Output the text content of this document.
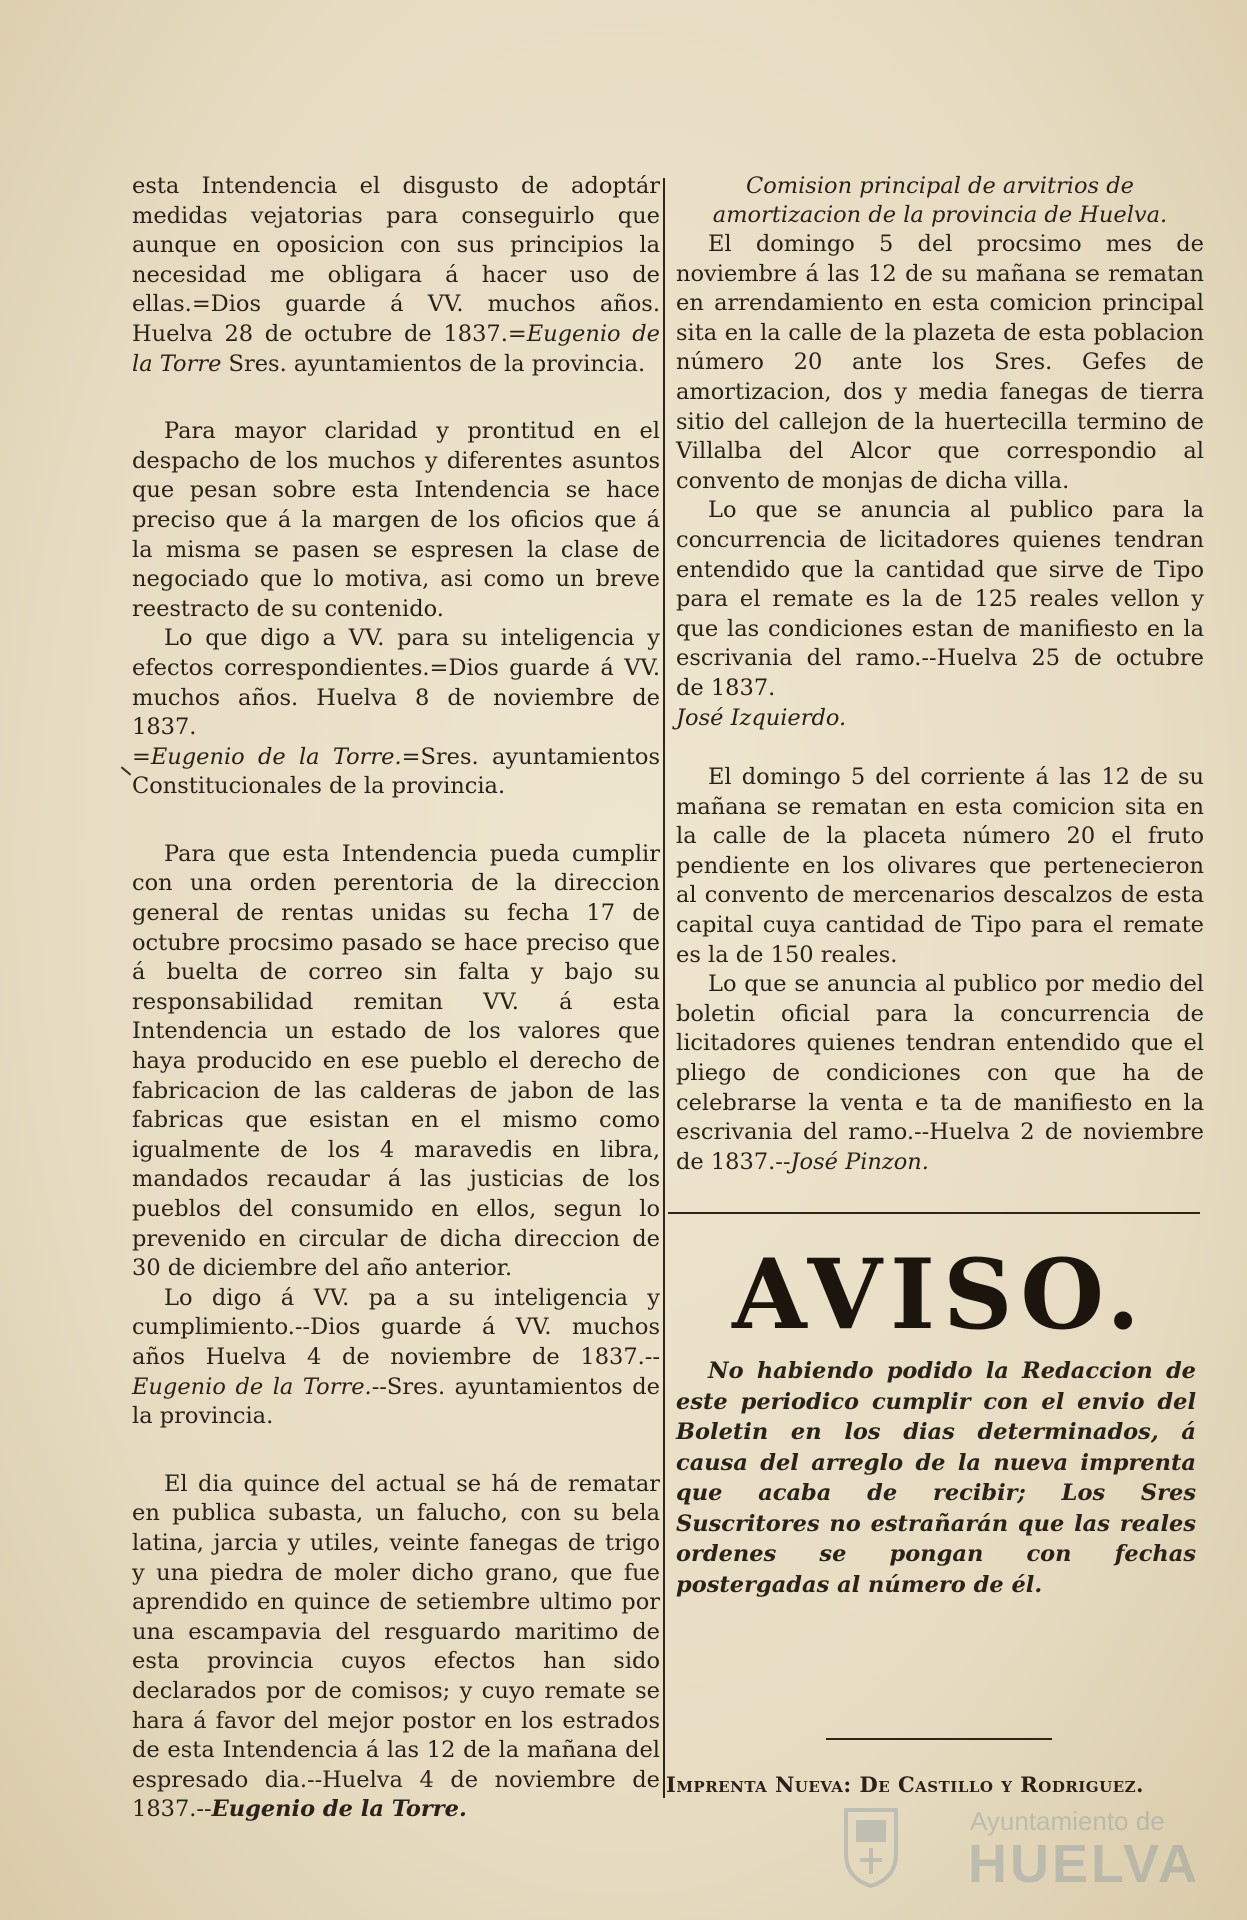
esta Intendencia el disgusto de adoptár medidas vejatorias para conseguirlo que aunque en oposicion con sus principios la necesidad me obligara á hacer uso de ellas.=Dios guarde á VV. muchos años. Huelva 28 de octubre de 1837.=Eugenio de la Torre Sres. ayuntamientos de la provincia.

Para mayor claridad y prontitud en el despacho de los muchos y diferentes asuntos que pesan sobre esta Intendencia se hace preciso que á la margen de los oficios que á la misma se pasen se espresen la clase de negociado que lo motiva, asi como un breve reestracto de su contenido.

Lo que digo a VV. para su inteligencia y efectos correspondientes.=Dios guarde á VV. muchos años. Huelva 8 de noviembre de 1837.
=Eugenio de la Torre.=Sres. ayuntamientos Constitucionales de la provincia.

Para que esta Intendencia pueda cumplir con una orden perentoria de la direccion general de rentas unidas su fecha 17 de octubre procsimo pasado se hace preciso que á buelta de correo sin falta y bajo su responsabilidad remitan VV. á esta Intendencia un estado de los valores que haya producido en ese pueblo el derecho de fabricacion de las calderas de jabon de las fabricas que esistan en el mismo como igualmente de los 4 maravedis en libra, mandados recaudar á las justicias de los pueblos del consumido en ellos, segun lo prevenido en circular de dicha direccion de 30 de diciembre del año anterior.

Lo digo á VV. pa a su inteligencia y cumplimiento.--Dios guarde á VV. muchos años Huelva 4 de noviembre de 1837.--Eugenio de la Torre.--Sres. ayuntamientos de la provincia.

El dia quince del actual se há de rematar en publica subasta, un falucho, con su bela latina, jarcia y utiles, veinte fanegas de trigo y una piedra de moler dicho grano, que fue aprendido en quince de setiembre ultimo por una escampavia del resguardo maritimo de esta provincia cuyos efectos han sido declarados por de comisos; y cuyo remate se hara á favor del mejor postor en los estrados de esta Intendencia á las 12 de la mañana del espresado dia.--Huelva 4 de noviembre de 1837.--Eugenio de la Torre.

Comision principal de arvitrios de amortizacion de la provincia de Huelva.

El domingo 5 del procsimo mes de noviembre á las 12 de su mañana se rematan en arrendamiento en esta comicion principal sita en la calle de la plazeta de esta poblacion número 20 ante los Sres. Gefes de amortizacion, dos y media fanegas de tierra sitio del callejon de la huertecilla termino de Villalba del Alcor que correspondio al convento de monjas de dicha villa.

Lo que se anuncia al publico para la concurrencia de licitadores quienes tendran entendido que la cantidad que sirve de Tipo para el remate es la de 125 reales vellon y que las condiciones estan de manifiesto en la escrivania del ramo.--Huelva 25 de octubre de 1837.
José Izquierdo.

El domingo 5 del corriente á las 12 de su mañana se rematan en esta comicion sita en la calle de la placeta número 20 el fruto pendiente en los olivares que pertenecieron al convento de mercenarios descalzos de esta capital cuya cantidad de Tipo para el remate es la de 150 reales.

Lo que se anuncia al publico por medio del boletin oficial para la concurrencia de licitadores quienes tendran entendido que el pliego de condiciones con que ha de celebrarse la venta e ta de manifiesto en la escrivania del ramo.--Huelva 2 de noviembre de 1837.--José Pinzon.

AVISO.

No habiendo podido la Redaccion de este periodico cumplir con el envio del Boletin en los dias determinados, á causa del arreglo de la nueva imprenta que acaba de recibir; Los Sres Suscritores no estrañarán que las reales ordenes se pongan con fechas postergadas al número de él.

Imprenta Nueva: De Castillo y Rodriguez.
Ayuntamiento de
HUELVA
